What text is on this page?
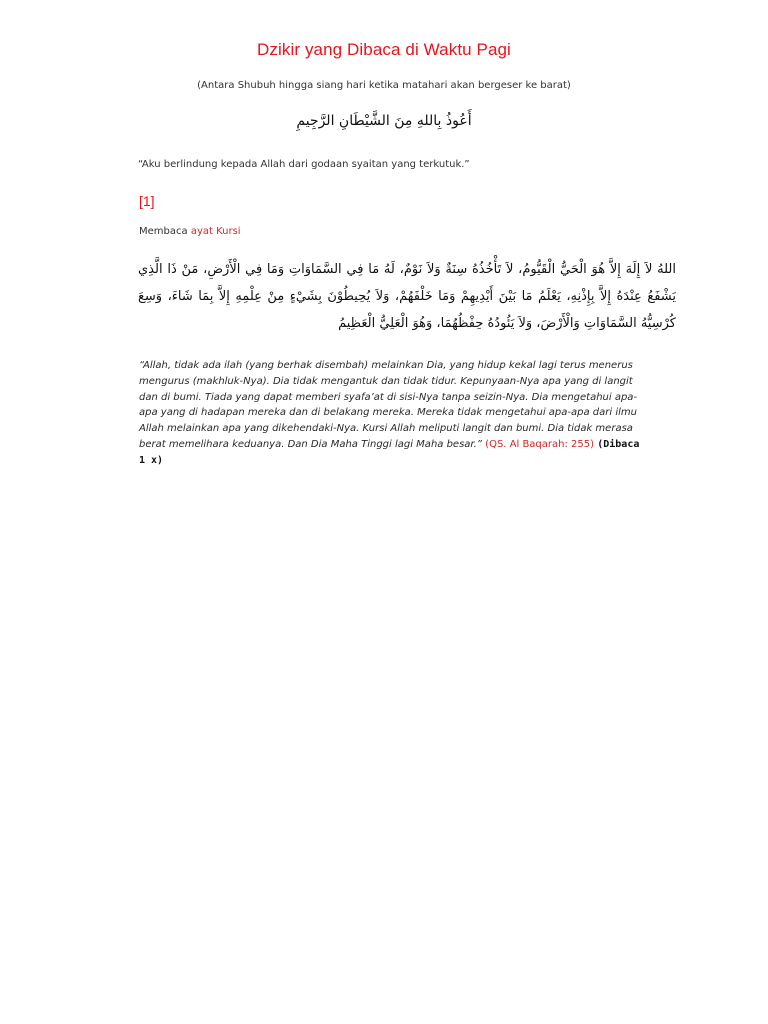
Dzikir yang Dibaca di Waktu Pagi
(Antara Shubuh hingga siang hari ketika matahari akan bergeser ke barat)
أَعُوذُ بِاللهِ مِنَ الشَّيْطَانِ الرَّجِيمِ
“Aku berlindung kepada Allah dari godaan syaitan yang terkutuk.”
[1]
Membaca ayat Kursi
اللهُ لاَ إِلَهَ إِلاَّ هُوَ الْحَيُّ الْقَيُّومُ، لاَ تَأْخُذُهُ سِنَةٌ وَلاَ نَوْمٌ، لَهُ مَا فِي السَّمَاوَاتِ وَمَا فِي الْأَرْضِ، مَنْ ذَا الَّذِي يَشْفَعُ عِنْدَهُ إِلاَّ بِإِذْنِهِ، يَعْلَمُ مَا بَيْنَ أَيْدِيهِمْ وَمَا خَلْفَهُمْ، وَلاَ يُحِيطُوْنَ بِشَيْءٍ مِنْ عِلْمِهِ إِلاَّ بِمَا شَاءَ، وَسِعَ كُرْسِيُّهُ السَّمَاوَاتِ وَالْأَرْضَ، وَلاَ يَئُودُهُ حِفْظُهُمَا، وَهُوَ الْعَلِيُّ الْعَظِيمُ
“Allah, tidak ada ilah (yang berhak disembah) melainkan Dia, yang hidup kekal lagi terus menerus mengurus (makhluk-Nya). Dia tidak mengantuk dan tidak tidur. Kepunyaan-Nya apa yang di langit dan di bumi. Tiada yang dapat memberi syafa’at di sisi-Nya tanpa seizin-Nya. Dia mengetahui apa-apa yang di hadapan mereka dan di belakang mereka. Mereka tidak mengetahui apa-apa dari ilmu Allah melainkan apa yang dikehendaki-Nya. Kursi Allah meliputi langit dan bumi. Dia tidak merasa berat memelihara keduanya. Dan Dia Maha Tinggi lagi Maha besar.” (QS. Al Baqarah: 255) (Dibaca 1 x)
